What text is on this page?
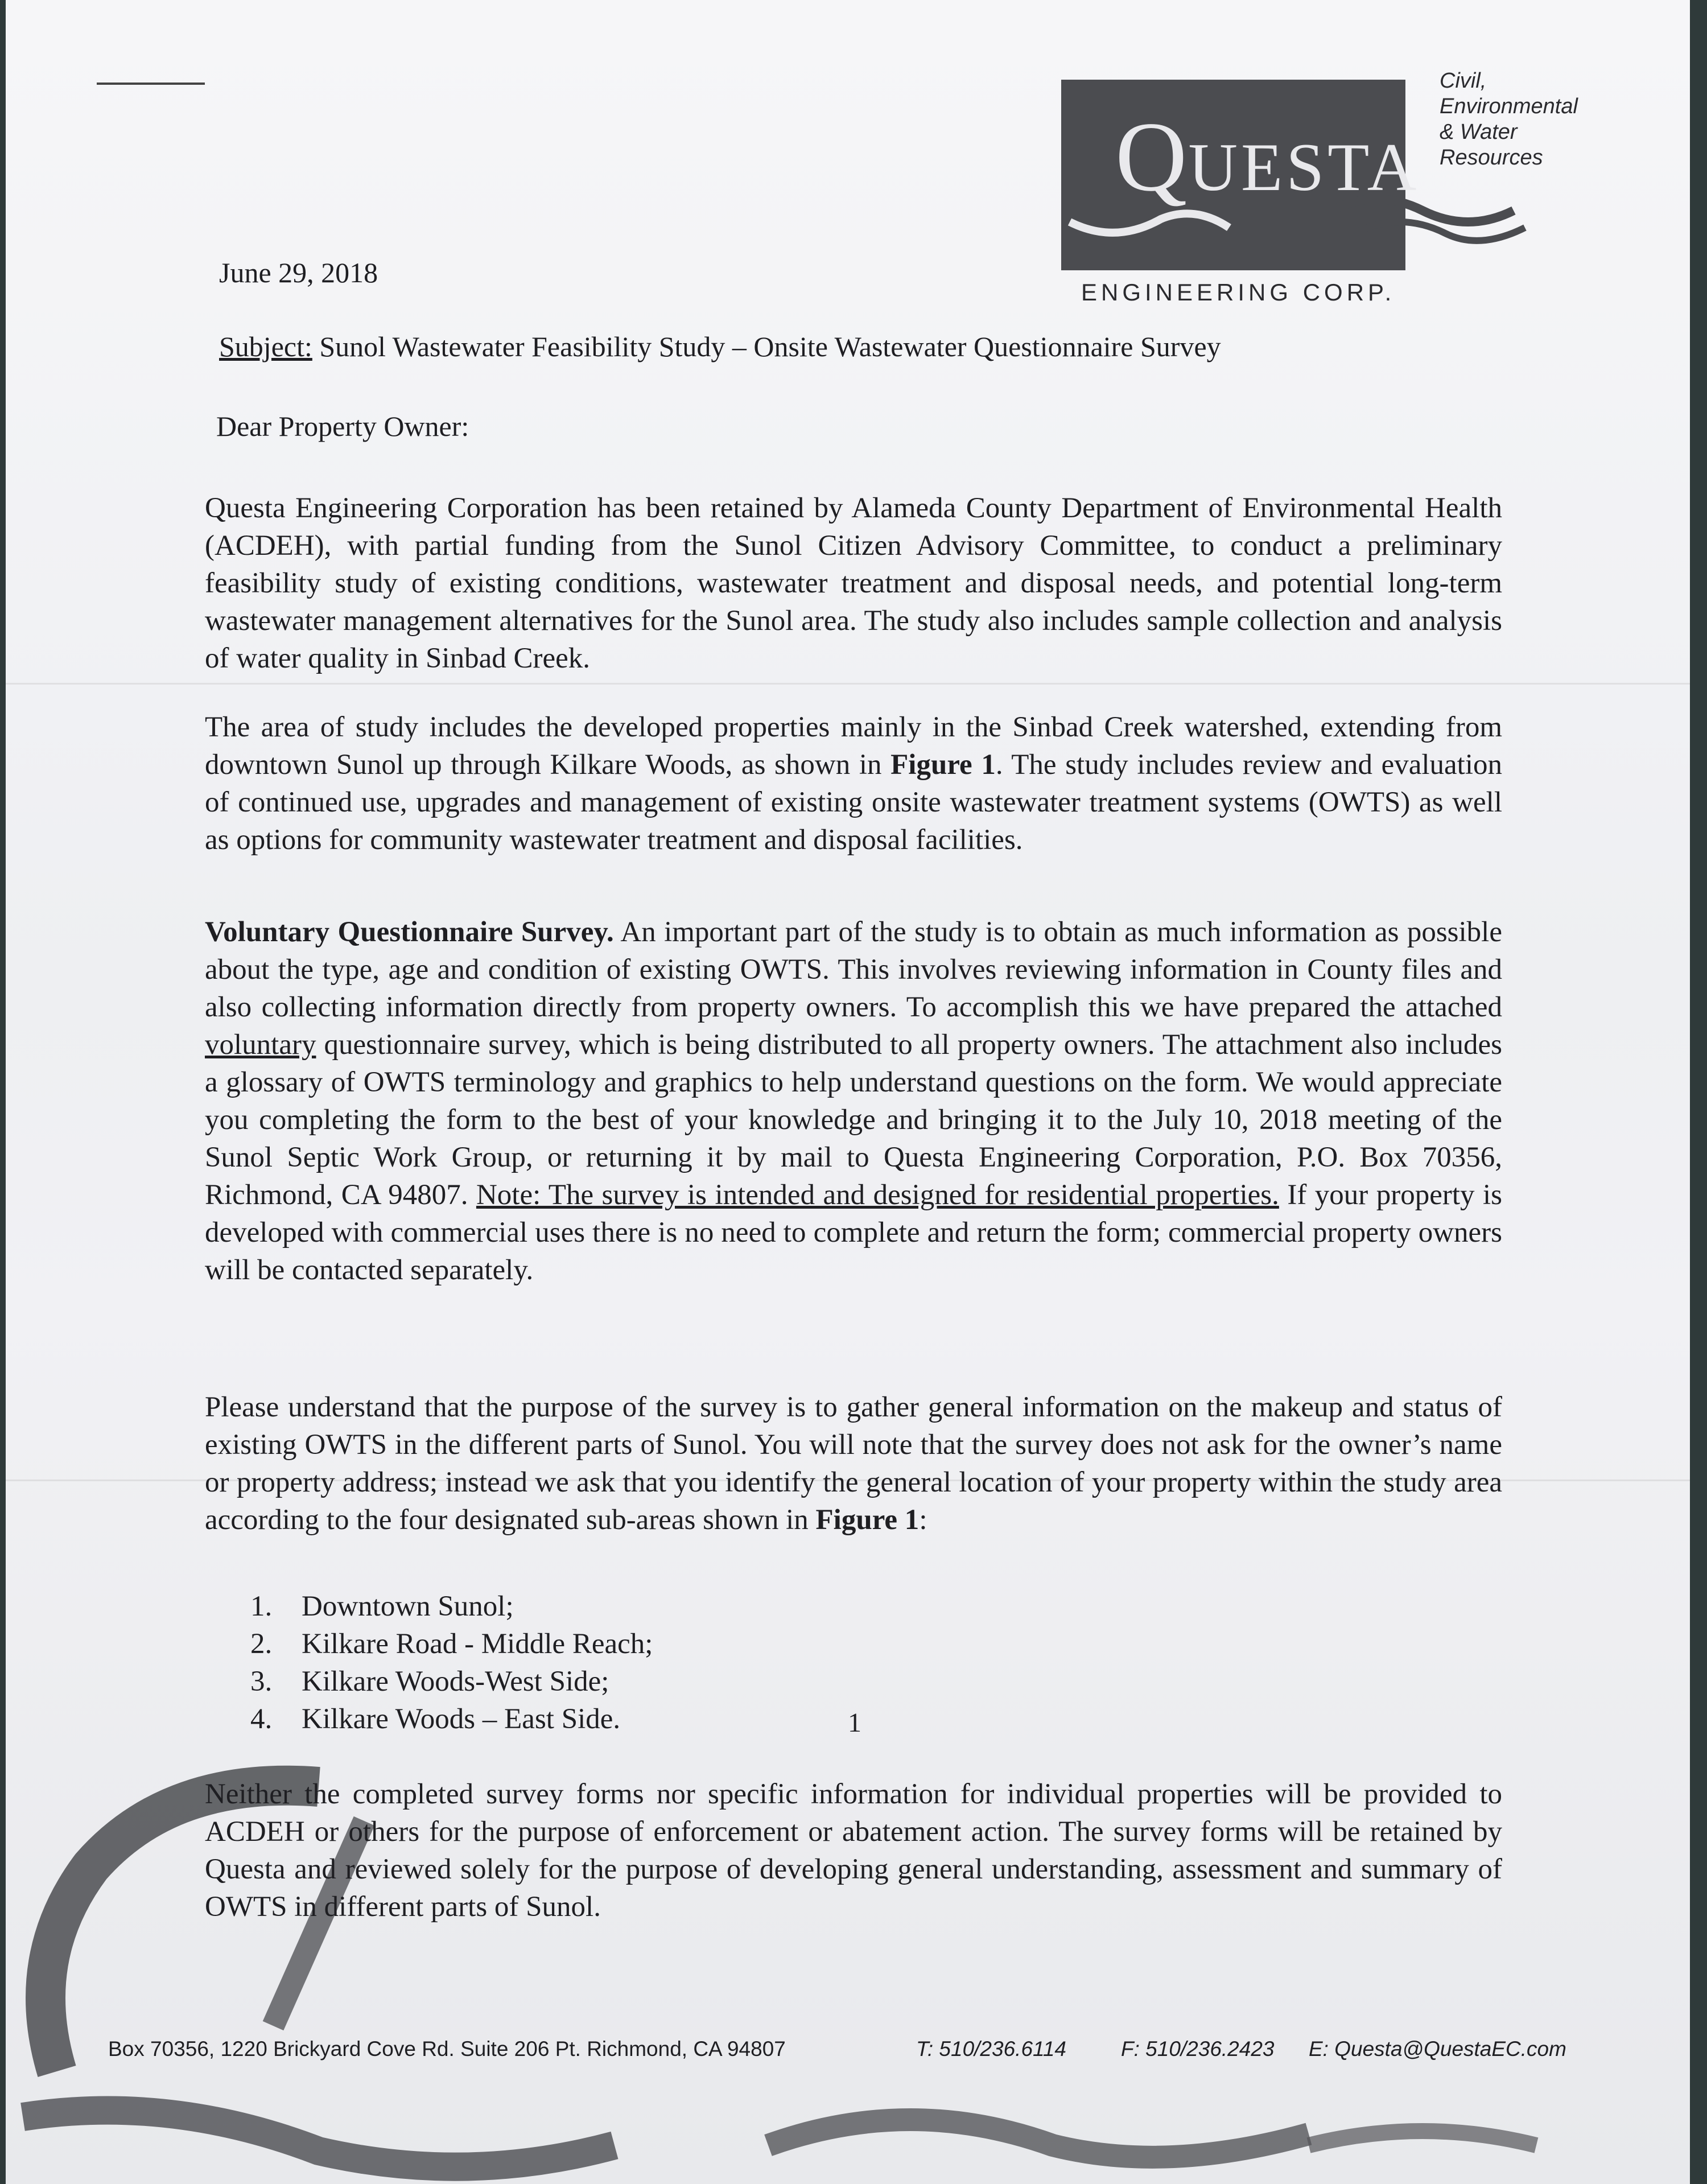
QUESTA
Civil,
Environmental
& Water
Resources
ENGINEERING CORP.
June 29, 2018
Subject: Sunol Wastewater Feasibility Study – Onsite Wastewater Questionnaire Survey
Dear Property Owner:
Questa Engineering Corporation has been retained by Alameda County Department of Environmental Health (ACDEH), with partial funding from the Sunol Citizen Advisory Committee, to conduct a preliminary feasibility study of existing conditions, wastewater treatment and disposal needs, and potential long-term wastewater management alternatives for the Sunol area. The study also includes sample collection and analysis of water quality in Sinbad Creek.
The area of study includes the developed properties mainly in the Sinbad Creek watershed, extending from downtown Sunol up through Kilkare Woods, as shown in Figure 1. The study includes review and evaluation of continued use, upgrades and management of existing onsite wastewater treatment systems (OWTS) as well as options for community wastewater treatment and disposal facilities.
Voluntary Questionnaire Survey. An important part of the study is to obtain as much information as possible about the type, age and condition of existing OWTS. This involves reviewing information in County files and also collecting information directly from property owners. To accomplish this we have prepared the attached voluntary questionnaire survey, which is being distributed to all property owners. The attachment also includes a glossary of OWTS terminology and graphics to help understand questions on the form. We would appreciate you completing the form to the best of your knowledge and bringing it to the July 10, 2018 meeting of the Sunol Septic Work Group, or returning it by mail to Questa Engineering Corporation, P.O. Box 70356, Richmond, CA 94807. Note: The survey is intended and designed for residential properties. If your property is developed with commercial uses there is no need to complete and return the form; commercial property owners will be contacted separately.
Please understand that the purpose of the survey is to gather general information on the makeup and status of existing OWTS in the different parts of Sunol. You will note that the survey does not ask for the owner’s name or property address; instead we ask that you identify the general location of your property within the study area according to the four designated sub-areas shown in Figure 1:
1.	Downtown Sunol;
2.	Kilkare Road - Middle Reach;
3.	Kilkare Woods-West Side;
4.	Kilkare Woods – East Side.
Neither the completed survey forms nor specific information for individual properties will be provided to ACDEH or others for the purpose of enforcement or abatement action. The survey forms will be retained by Questa and reviewed solely for the purpose of developing general understanding, assessment and summary of OWTS in different parts of Sunol.
1
Box 70356, 1220 Brickyard Cove Rd. Suite 206 Pt. Richmond, CA 94807	T: 510/236.6114	F: 510/236.2423 E: Questa@QuestaEC.com
